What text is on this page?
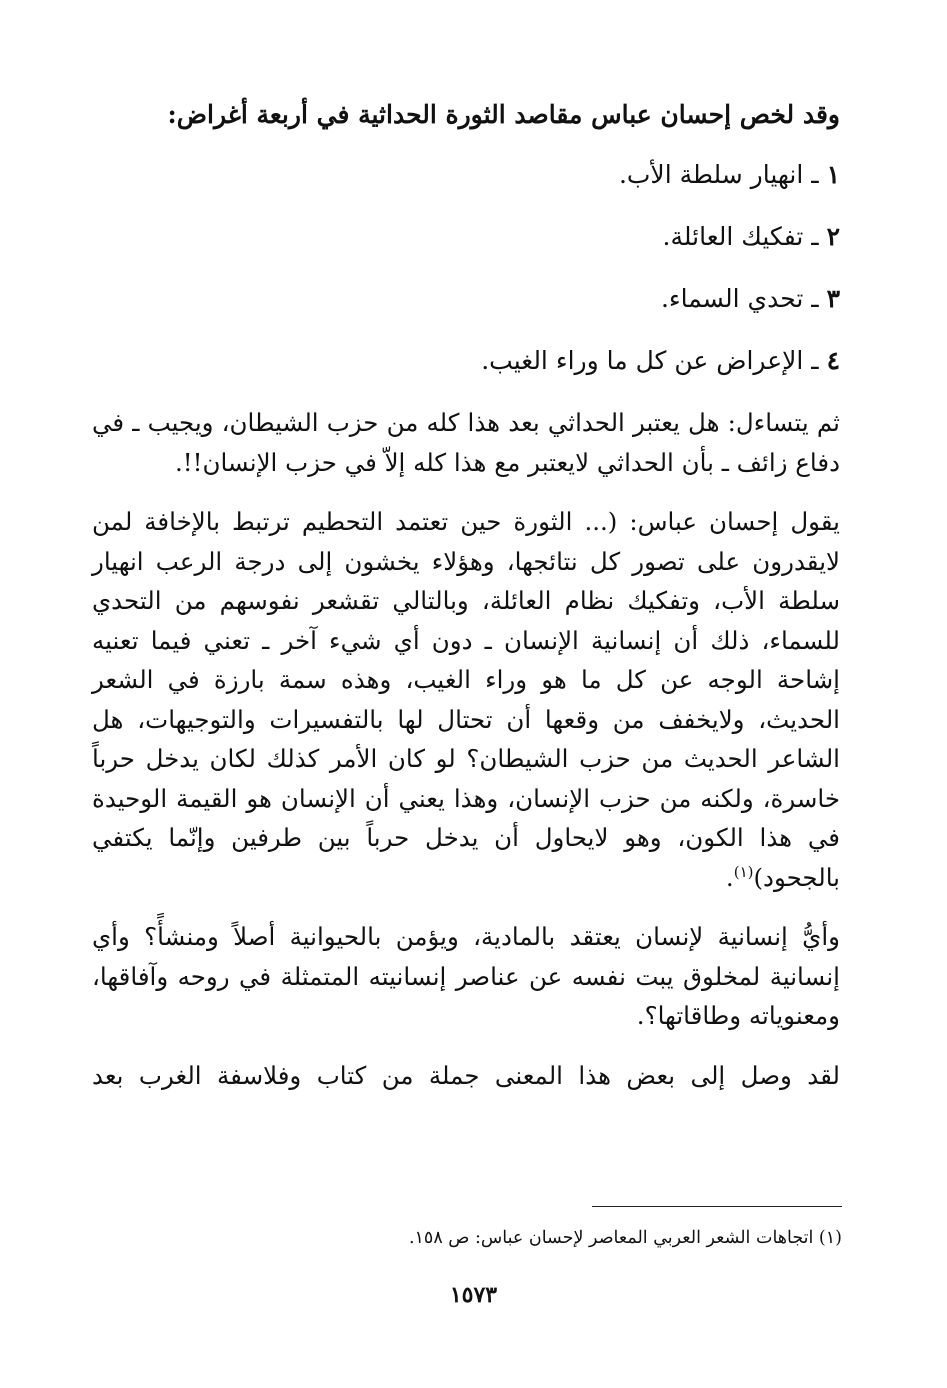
وقد لخص إحسان عباس مقاصد الثورة الحداثية في أربعة أغراض:

١ ـ انهيار سلطة الأب.
٢ ـ تفكيك العائلة.
٣ ـ تحدي السماء.
٤ ـ الإعراض عن كل ما وراء الغيب.

ثم يتساءل: هل يعتبر الحداثي بعد هذا كله من حزب الشيطان، ويجيب ـ في دفاع زائف ـ بأن الحداثي لايعتبر مع هذا كله إلاّ في حزب الإنسان!!.

يقول إحسان عباس: (... الثورة حين تعتمد التحطيم ترتبط بالإخافة لمن لايقدرون على تصور كل نتائجها، وهؤلاء يخشون إلى درجة الرعب انهيار سلطة الأب، وتفكيك نظام العائلة، وبالتالي تقشعر نفوسهم من التحدي للسماء، ذلك أن إنسانية الإنسان ـ دون أي شيء آخر ـ تعني فيما تعنيه إشاحة الوجه عن كل ما هو وراء الغيب، وهذه سمة بارزة في الشعر الحديث، ولايخفف من وقعها أن تحتال لها بالتفسيرات والتوجيهات، هل الشاعر الحديث من حزب الشيطان؟ لو كان الأمر كذلك لكان يدخل حرباً خاسرة، ولكنه من حزب الإنسان، وهذا يعني أن الإنسان هو القيمة الوحيدة في هذا الكون، وهو لايحاول أن يدخل حرباً بين طرفين وإنّما يكتفي بالجحود)$^{(١)}$.

وأيُّ إنسانية لإنسان يعتقد بالمادية، ويؤمن بالحيوانية أصلاً ومنشأً؟ وأي إنسانية لمخلوق يبت نفسه عن عناصر إنسانيته المتمثلة في روحه وآفاقها، ومعنوياته وطاقاتها؟.

لقد وصل إلى بعض هذا المعنى جملة من كتاب وفلاسفة الغرب بعد

(١) اتجاهات الشعر العربي المعاصر لإحسان عباس: ص ١٥٨.
١٥٧٣
